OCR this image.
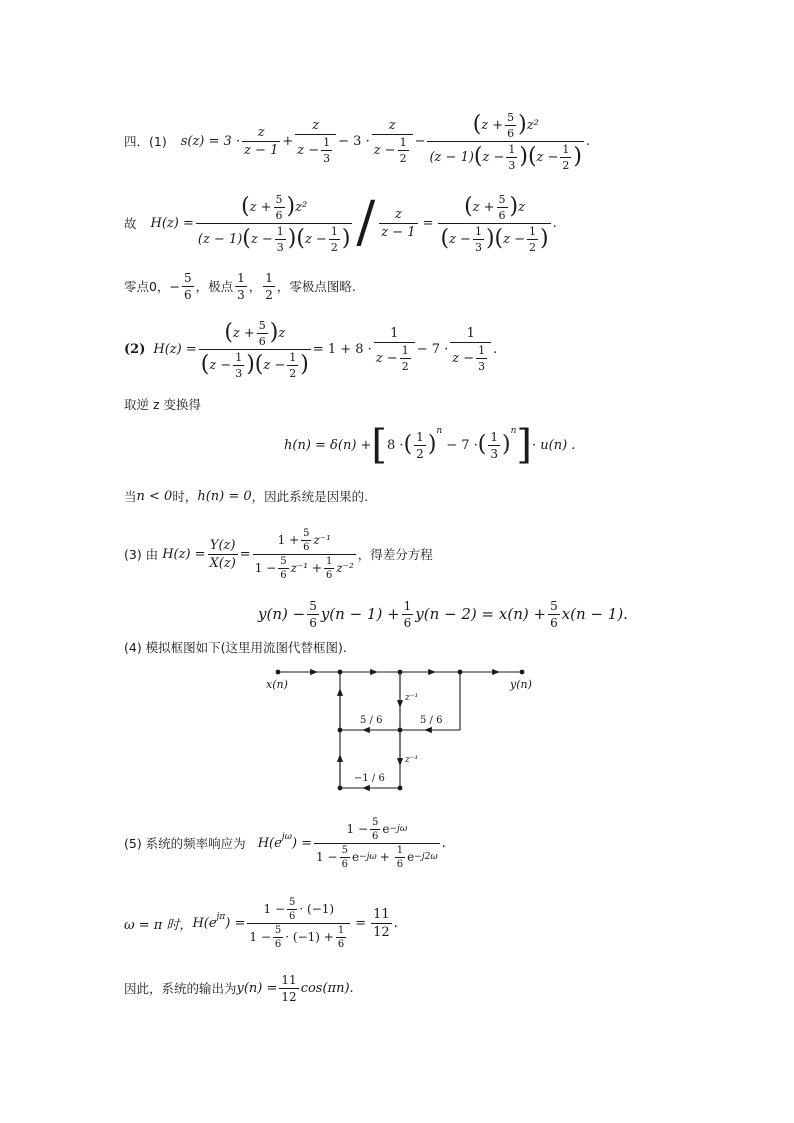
四．(1) $s(z) = 3 \cdot \frac{z}{z - 1} + \frac{z}{z - \frac{1}{3}} - 3 \cdot \frac{z}{z - \frac{1}{2}}$ −
( $z + \frac{5}{6}$ ) z²
(z − 1) ( $z - \frac{1}{3}$ )( $z - \frac{1}{2}$ )
.
故 H(z) =
( $z + \frac{5}{6}$ ) z²
(z − 1) ( $z - \frac{1}{3}$ )( $z - \frac{1}{2}$ ) / $\frac{z}{z - 1}$ =
( $z + \frac{5}{6}$ ) z
( $z - \frac{1}{3}$ )( $z - \frac{1}{2}$ )
.
零点0，− $\frac{5}{6}$ ，极点 $\frac{1}{3}$ ， $\frac{1}{2}$ ，零极点图略.
(2) H(z) =
( $z + \frac{5}{6}$ ) z
( $z - \frac{1}{3}$ )( $z - \frac{1}{2}$ )
= $1 + 8 \cdot \frac{1}{z - \frac{1}{2}} - 7 \cdot \frac{1}{z - \frac{1}{3}}$ .
取逆 z 变换得
h(n) = δ(n) + [ 8 · ( $\frac{1}{2}$ )
$^n$
− 7 · ( $\frac{1}{3}$ )
$^n$ ] · u(n) .
当 n < 0 时， h(n) = 0 ，因此系统是因果的.
(3) 由 $H(z) = \frac{Y(z)}{X(z)}$ =
$1 + \frac{5}{6} z^{-1}$
$1 - \frac{5}{6} z^{-1} + \frac{1}{6} z^{-2}$
，得差分方程
$y(n) - \frac{5}{6} y(n - 1) + \frac{1}{6} y(n - 2) = x(n) + \frac{5}{6} x(n - 1)$.
(4) 模拟框图如下(这里用流图代替框图).
x(n)	y(n)
z⁻¹
z⁻¹
5 / 6	5 / 6
−1 / 6
(5) 系统的频率响应为 $H(e^{j\omega}$ ) =
$1 - \frac{5}{6}$ e −jω
$1 - \frac{5}{6}$ $e -j\omega + \frac{1}{6}$ e −j2ω
.
ω = π 时， $H(e^{j\pi}$ ) =
$1 - \frac{5}{6} \cdot (-1)$
$1 - \frac{5}{6} \cdot (-1) + \frac{1}{6}$
= $\frac{11}{12}$ .
因此，系统的输出为 $y(n) = \frac{11}{12} \cos(\pi n)$.
